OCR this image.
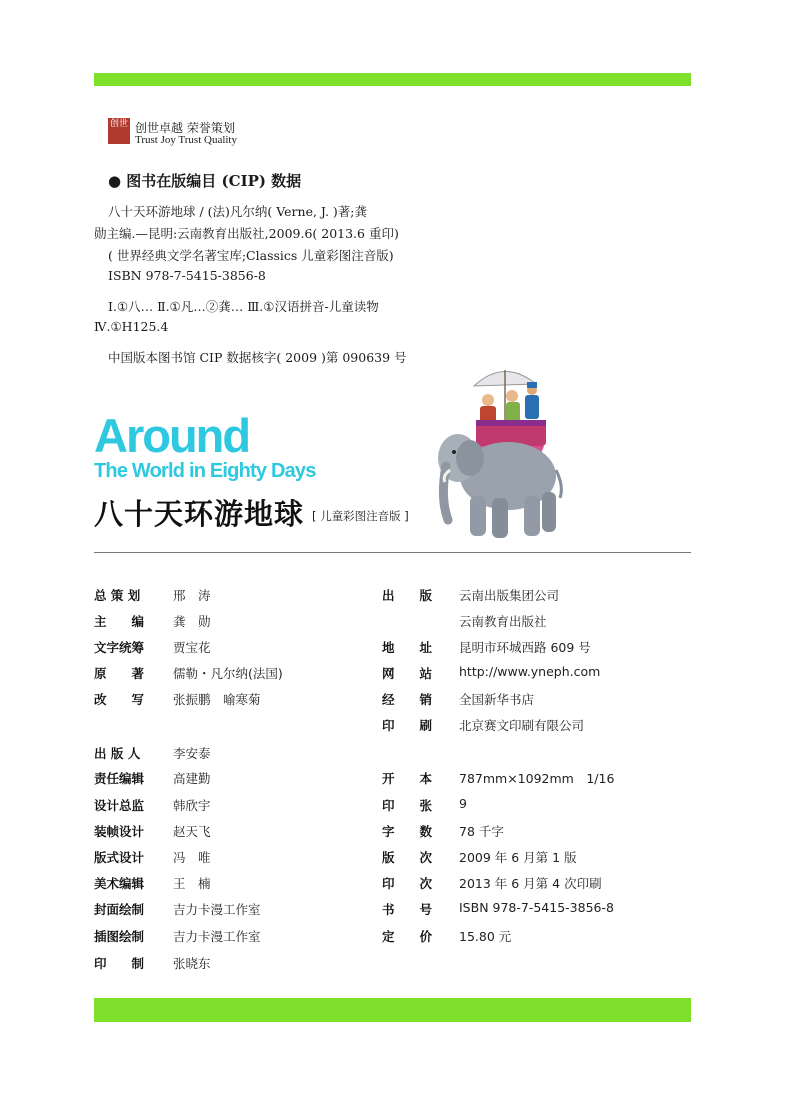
创世 创世卓越 荣誉策划
Trust Joy Trust Quality
● 图书在版编目 (CIP) 数据
八十天环游地球 / (法)凡尔纳( Verne, J. )著;龚
勋主编.—昆明:云南教育出版社,2009.6( 2013.6 重印)
( 世界经典文学名著宝库;Classics 儿童彩图注音版)
ISBN 978-7-5415-3856-8
Ⅰ.①八… Ⅱ.①凡…②龚… Ⅲ.①汉语拼音-儿童读物
Ⅳ.①H125.4
中国版本图书馆 CIP 数据核字( 2009 )第 090639 号
Around
The World in Eighty Days
八十天环游地球 [ 儿童彩图注音版 ]
总 策 划	邢　涛
主　　编 龚　勋
文字统筹 贾宝花
原　　著 儒勒・凡尔纳(法国)
改　　写 张振鹏　喻寒菊
出 版 人	李安泰
责任编辑 高建勤
设计总监 韩欣宇
装帧设计 赵天飞
版式设计 冯　唯
美术编辑 王　楠
封面绘制 吉力卡漫工作室
插图绘制 吉力卡漫工作室
印　　制 张晓东
出　　版 云南出版集团公司
云南教育出版社
地　　址 昆明市环城西路 609 号
网　　站 http://www.yneph.com
经　　销 全国新华书店
印　　刷 北京赛文印刷有限公司
开　　本 787mm×1092mm　1/16
印　　张 9
字　　数 78 千字
版　　次 2009 年 6 月第 1 版
印　　次 2013 年 6 月第 4 次印刷
书　　号 ISBN 978-7-5415-3856-8
定　　价 15.80 元
